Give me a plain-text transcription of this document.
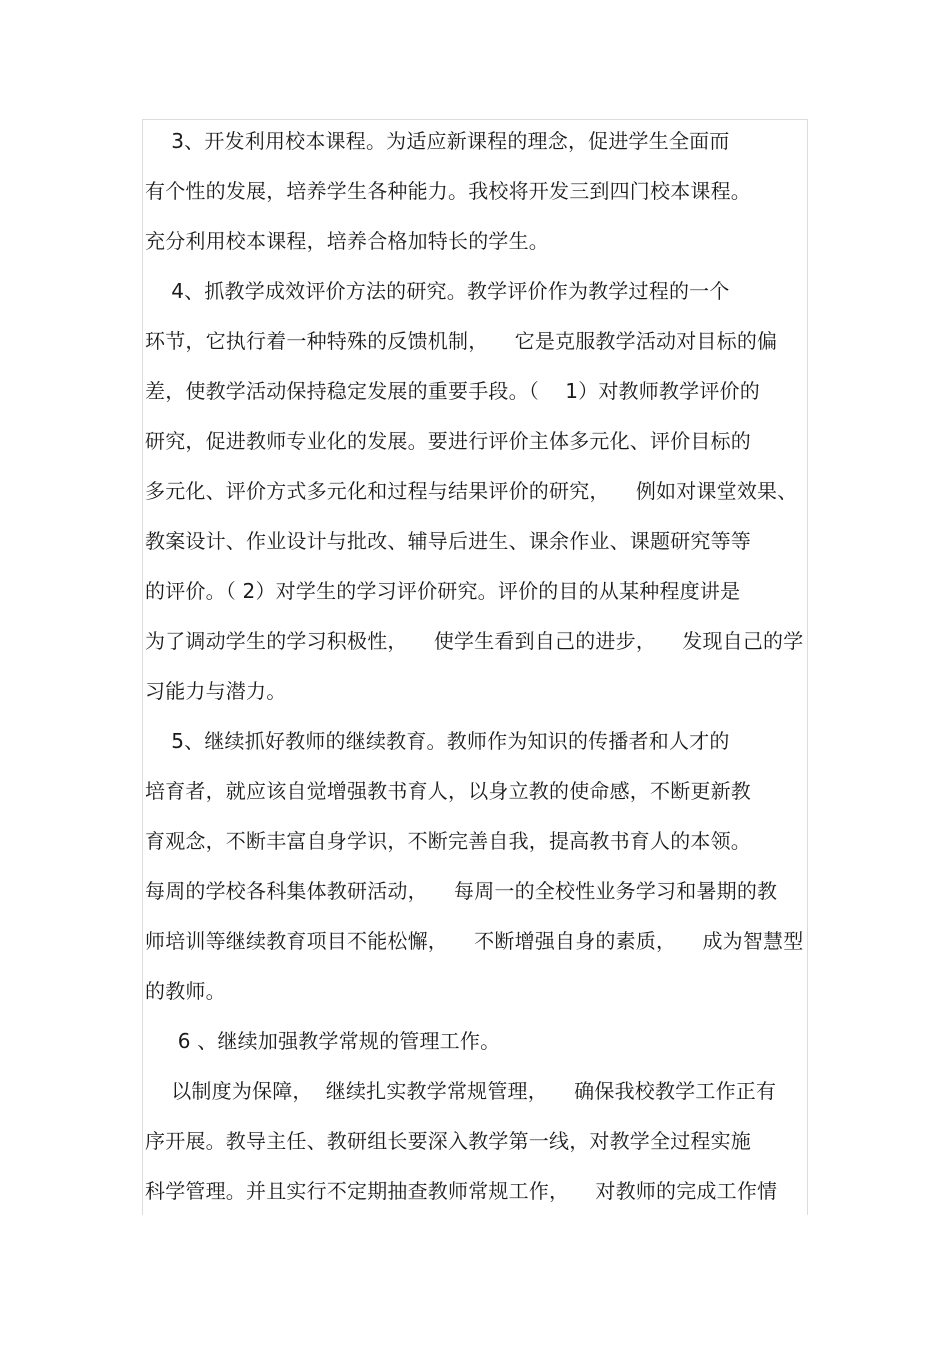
3、开发利用校本课程。为适应新课程的理念，促进学生全面而
有个性的发展，培养学生各种能力。我校将开发三到四门校本课程。
充分利用校本课程，培养合格加特长的学生。
4、抓教学成效评价方法的研究。教学评价作为教学过程的一个
环节，它执行着一种特殊的反馈机制，    它是克服教学活动对目标的偏
差，使教学活动保持稳定发展的重要手段。（    1）对教师教学评价的
研究，促进教师专业化的发展。要进行评价主体多元化、评价目标的
多元化、评价方式多元化和过程与结果评价的研究，    例如对课堂效果、
教案设计、作业设计与批改、辅导后进生、课余作业、课题研究等等
的评价。（ 2）对学生的学习评价研究。评价的目的从某种程度讲是
为了调动学生的学习积极性，    使学生看到自己的进步，    发现自己的学
习能力与潜力。
5、继续抓好教师的继续教育。教师作为知识的传播者和人才的
培育者，就应该自觉增强教书育人，以身立教的使命感，不断更新教
育观念，不断丰富自身学识，不断完善自我，提高教书育人的本领。
每周的学校各科集体教研活动，    每周一的全校性业务学习和暑期的教
师培训等继续教育项目不能松懈，    不断增强自身的素质，    成为智慧型
的教师。
6 、继续加强教学常规的管理工作。
以制度为保障，  继续扎实教学常规管理，    确保我校教学工作正有
序开展。教导主任、教研组长要深入教学第一线，对教学全过程实施
科学管理。并且实行不定期抽查教师常规工作，    对教师的完成工作情
